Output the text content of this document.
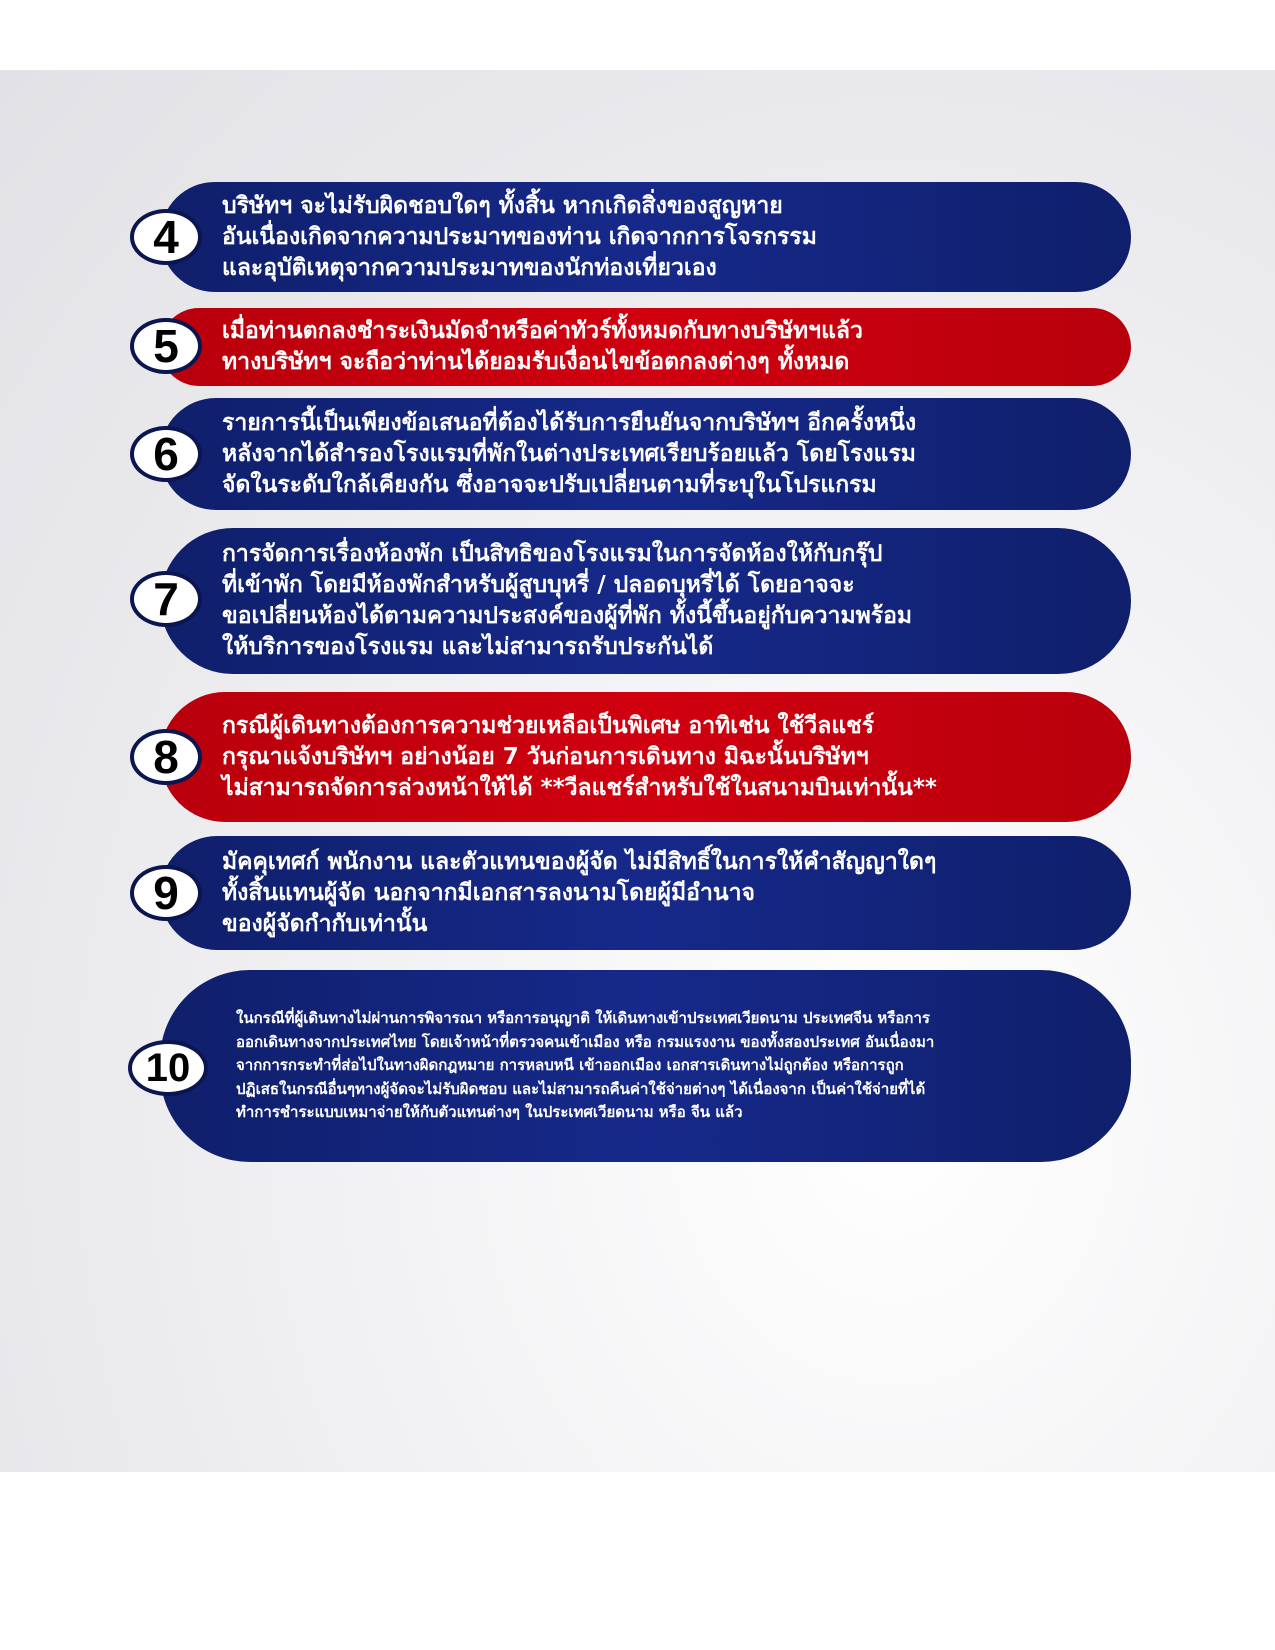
บริษัทฯ จะไม่รับผิดชอบใดๆ ทั้งสิ้น หากเกิดสิ่งของสูญหาย
อันเนื่องเกิดจากความประมาทของท่าน เกิดจากการโจรกรรม
และอุบัติเหตุจากความประมาทของนักท่องเที่ยวเอง
4
เมื่อท่านตกลงชำระเงินมัดจำหรือค่าทัวร์ทั้งหมดกับทางบริษัทฯแล้ว
ทางบริษัทฯ จะถือว่าท่านได้ยอมรับเงื่อนไขข้อตกลงต่างๆ ทั้งหมด
5
รายการนี้เป็นเพียงข้อเสนอที่ต้องได้รับการยืนยันจากบริษัทฯ อีกครั้งหนึ่ง
หลังจากได้สำรองโรงแรมที่พักในต่างประเทศเรียบร้อยแล้ว โดยโรงแรม
จัดในระดับใกล้เคียงกัน ซึ่งอาจจะปรับเปลี่ยนตามที่ระบุในโปรแกรม
6
การจัดการเรื่องห้องพัก เป็นสิทธิของโรงแรมในการจัดห้องให้กับกรุ๊ป
ที่เข้าพัก โดยมีห้องพักสำหรับผู้สูบบุหรี่ / ปลอดบุหรี่ได้ โดยอาจจะ
ขอเปลี่ยนห้องได้ตามความประสงค์ของผู้ที่พัก ทั้งนี้ขึ้นอยู่กับความพร้อม
ให้บริการของโรงแรม และไม่สามารถรับประกันได้
7
กรณีผู้เดินทางต้องการความช่วยเหลือเป็นพิเศษ อาทิเช่น ใช้วีลแชร์
กรุณาแจ้งบริษัทฯ อย่างน้อย 7 วันก่อนการเดินทาง มิฉะนั้นบริษัทฯ
ไม่สามารถจัดการล่วงหน้าให้ได้ **วีลแชร์สำหรับใช้ในสนามบินเท่านั้น**
8
มัคคุเทศก์ พนักงาน และตัวแทนของผู้จัด ไม่มีสิทธิ์ในการให้คำสัญญาใดๆ
ทั้งสิ้นแทนผู้จัด นอกจากมีเอกสารลงนามโดยผู้มีอำนาจ
ของผู้จัดกำกับเท่านั้น
9
ในกรณีที่ผู้เดินทางไม่ผ่านการพิจารณา หรือการอนุญาติ ให้เดินทางเข้าประเทศเวียดนาม ประเทศจีน หรือการ
ออกเดินทางจากประเทศไทย โดยเจ้าหน้าที่ตรวจคนเข้าเมือง หรือ กรมแรงงาน ของทั้งสองประเทศ อันเนื่องมา
จากการกระทำที่ส่อไปในทางผิดกฎหมาย การหลบหนี เข้าออกเมือง เอกสารเดินทางไม่ถูกต้อง หรือการถูก
ปฏิเสธในกรณีอื่นๆทางผู้จัดจะไม่รับผิดชอบ และไม่สามารถคืนค่าใช้จ่ายต่างๆ ได้เนื่องจาก เป็นค่าใช้จ่ายที่ได้
ทำการชำระแบบเหมาจ่ายให้กับตัวแทนต่างๆ ในประเทศเวียดนาม หรือ จีน แล้ว
10
